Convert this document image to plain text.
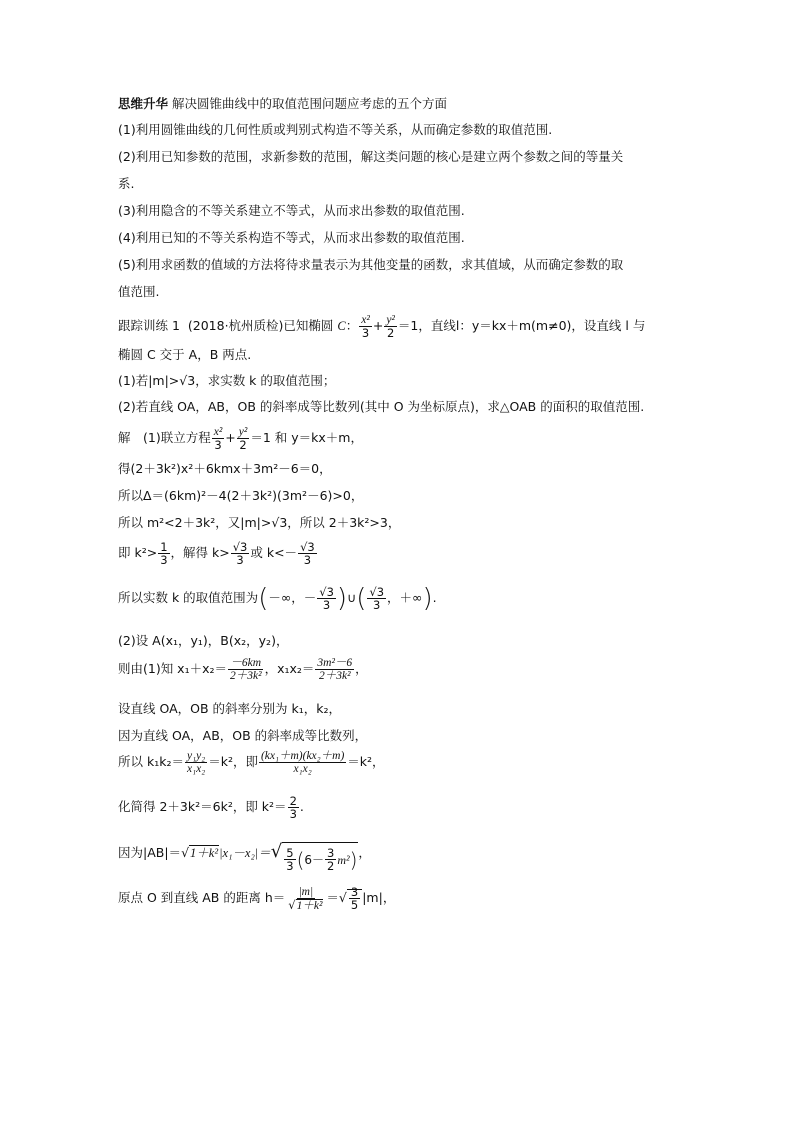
思维升华 解决圆锥曲线中的取值范围问题应考虑的五个方面
(1)利用圆锥曲线的几何性质或判别式构造不等关系，从而确定参数的取值范围.
(2)利用已知参数的范围，求新参数的范围，解这类问题的核心是建立两个参数之间的等量关
系.
(3)利用隐含的不等关系建立不等式，从而求出参数的取值范围.
(4)利用已知的不等关系构造不等式，从而求出参数的取值范围.
(5)利用求函数的值域的方法将待求量表示为其他变量的函数，求其值域，从而确定参数的取
值范围.
跟踪训练 1 (2018·杭州质检)已知椭圆 C： $\frac{\text{x²}}{3} + \frac{\text{y²}}{2} =1$，直线l：y＝kx＋m(m≠0)，设直线 l 与
椭圆 C 交于 A，B 两点.
(1)若|m|>√3，求实数 k 的取值范围；
(2)若直线 OA，AB，OB 的斜率成等比数列(其中 O 为坐标原点)，求△OAB 的面积的取值范围.
解　(1)联立方程 $\frac{\text{x²}}{3} + \frac{\text{y²}}{2} =1$ 和 y＝kx＋m，
得(2＋3k²)x²＋6kmx＋3m²－6＝0，
所以Δ＝(6km)²－4(2＋3k²)(3m²－6)>0，
所以 m²<2＋3k²，又|m|>√3，所以 2＋3k²>3，
即 $k^2> \frac{1}{3}$ ，解得 $k> \frac{√3}{3}$ 或 $k<- \frac{√3}{3}$
所以实数 k 的取值范围为(－∞，－ $\frac{√3}{3}$ )∪( $\frac{√3}{3}$ ，＋∞).
(2)设 A(x₁，y₁)，B(x₂，y₂)，
则由(1)知 $x_1+x_2= \frac{-6km}{\text{2＋3k²}}$ ，$x_1x_2= \frac{\text{3m²－6}}{\text{2＋3k²}}$ ，
设直线 OA，OB 的斜率分别为 k₁，k₂，
因为直线 OA，AB，OB 的斜率成等比数列，
所以 $k_1k_2= \frac{\text{y₁y₂}}{\text{x₁x₂}} =k^2$，即 $\frac{\text{(kx₁＋m)(kx₂＋m)}}{\text{x₁x₂}} =k^2$，
化简得 2＋3k²＝6k²，即 $k^2= \frac{2}{3}$ .
因为$|AB|=√1+k^2|x_1-x_2|=√ \frac{5}{3}$ ( $6- \frac{3}{2} m^2$ ) ，
原点 O 到直线 AB 的距离 $h= \frac{|m|}{\text{√1＋k²}}$ ＝√ $\frac{3}{5} |m|$，
